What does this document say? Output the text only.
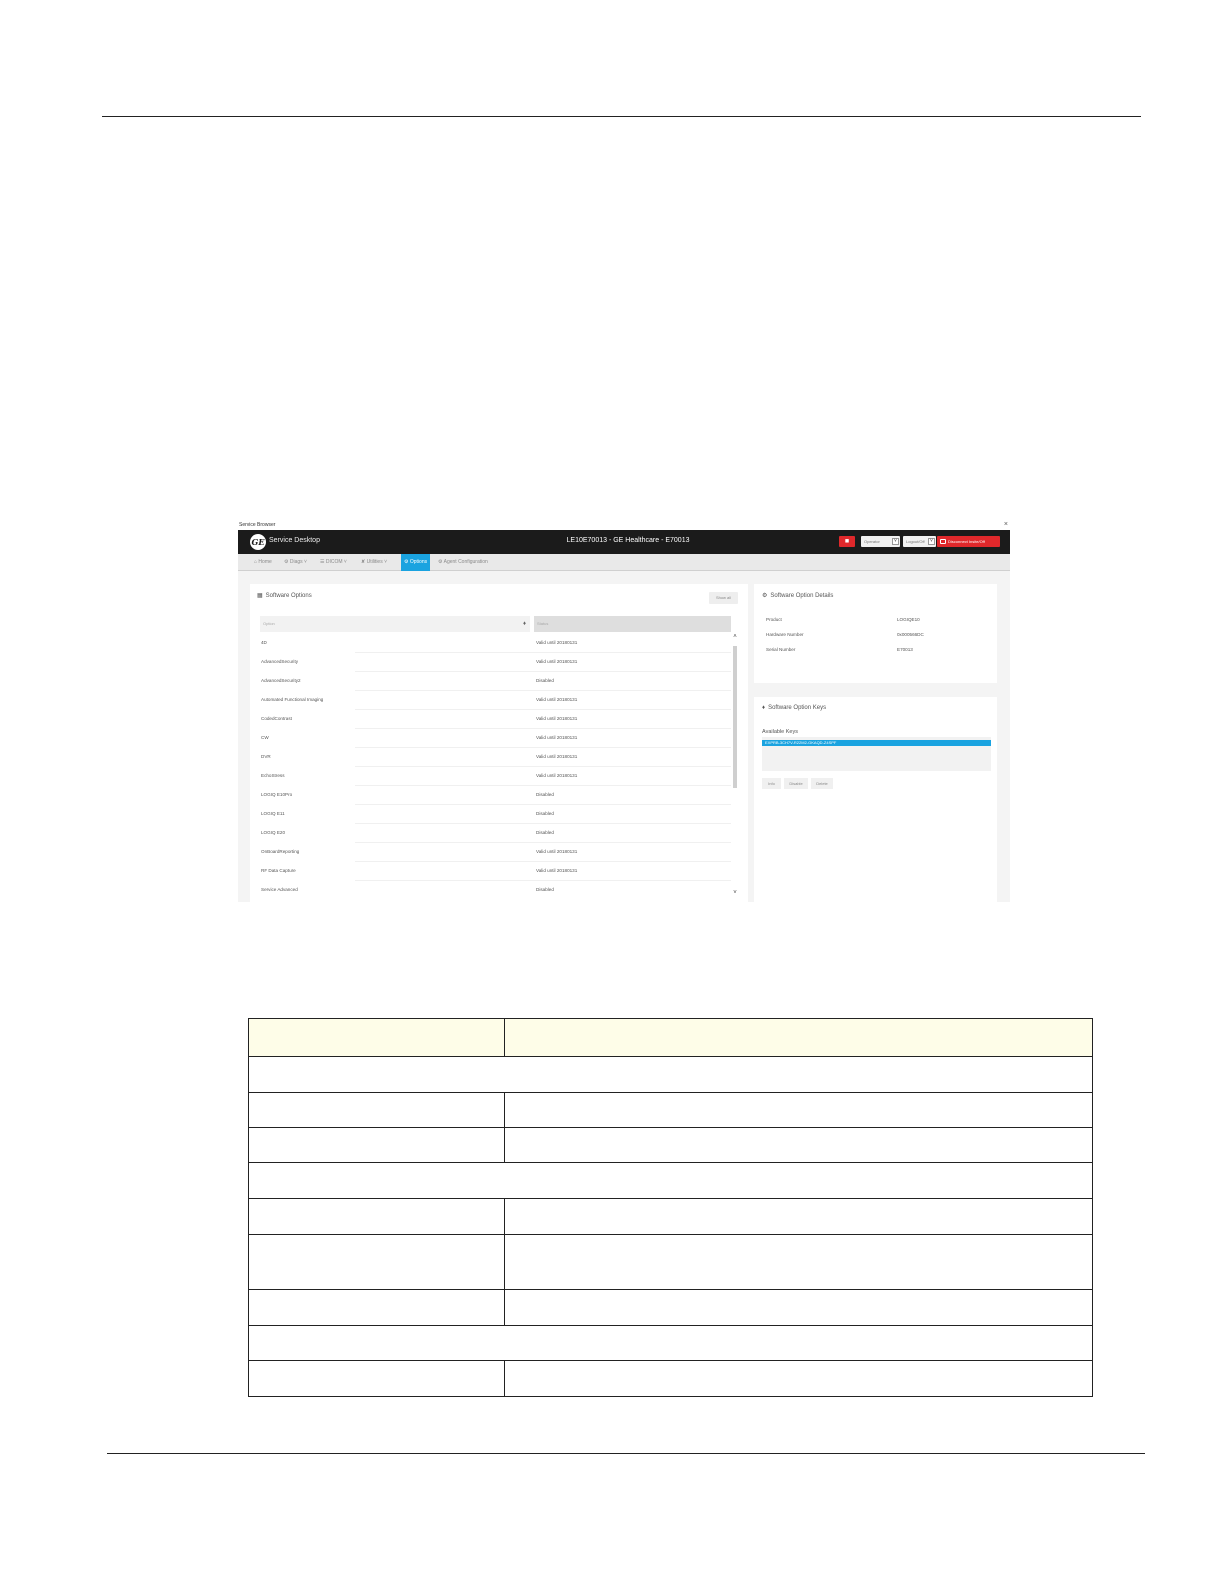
Service Browser	×
GE Service Desktop	LE10E70013 - GE Healthcare - E70013	■	Operator	˅	Logout/Off	˅	Disconnect Insite/Off
⌂ Home ⚙ Diags ˅	☰ DICOM ˅	✘ Utilities ˅	⚙ Options	⚙ Agent Configuration
▦ Software Options	Show all
Option	♦	Status
4D	Valid until 20180131
AdvancedSecurity	Valid until 20180131
AdvancedSecurity2	Disabled
Automated Functional Imaging	Valid until 20180131
CodedContrast	Valid until 20180131
CW	Valid until 20180131
DVR	Valid until 20180131
EchoStress	Valid until 20180131
LOGIQ E10Pro	Disabled
LOGIQ E11	Disabled
LOGIQ E20	Disabled
OnBoardReporting	Valid until 20180131
RF Data Capture	Valid until 20180131
Service Advanced	Disabled
˄
˅
⚙ Software Option Details
Product	LOGIQE10
Hardware Number	0x000566DC
Serial Number	E70013
♦ Software Option Keys
Available Keys
EXPRB-3CH7V-R22M2-GKAQD-Z4SPF
Info	Disable	Delete
